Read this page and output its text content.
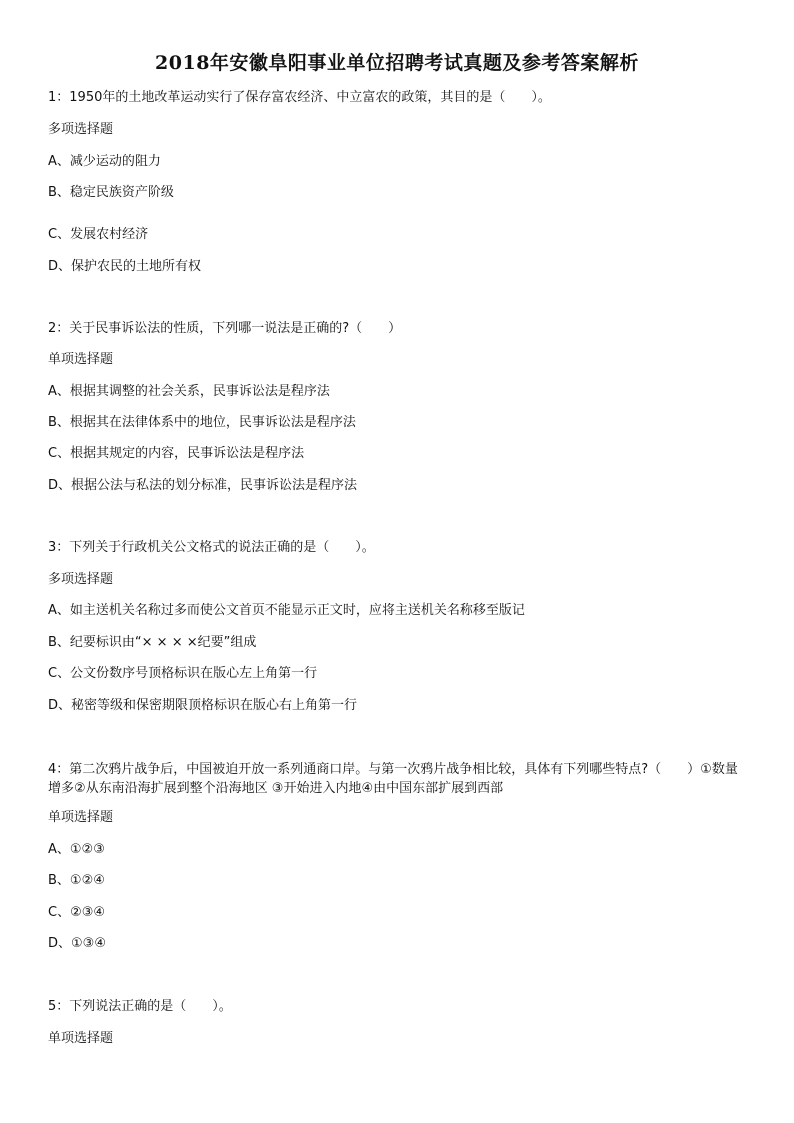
2018年安徽阜阳事业单位招聘考试真题及参考答案解析
1：1950年的土地改革运动实行了保存富农经济、中立富农的政策，其目的是（　　）。
多项选择题
A、减少运动的阻力
B、稳定民族资产阶级
C、发展农村经济
D、保护农民的土地所有权
2：关于民事诉讼法的性质，下列哪一说法是正确的?（　　）
单项选择题
A、根据其调整的社会关系，民事诉讼法是程序法
B、根据其在法律体系中的地位，民事诉讼法是程序法
C、根据其规定的内容，民事诉讼法是程序法
D、根据公法与私法的划分标准，民事诉讼法是程序法
3：下列关于行政机关公文格式的说法正确的是（　　）。
多项选择题
A、如主送机关名称过多而使公文首页不能显示正文时，应将主送机关名称移至版记
B、纪要标识由“× × × ×纪要”组成
C、公文份数序号顶格标识在版心左上角第一行
D、秘密等级和保密期限顶格标识在版心右上角第一行
4：第二次鸦片战争后，中国被迫开放一系列通商口岸。与第一次鸦片战争相比较，具体有下列哪些特点?（　　）①数量增多②从东南沿海扩展到整个沿海地区 ③开始进入内地④由中国东部扩展到西部
单项选择题
A、①②③
B、①②④
C、②③④
D、①③④
5：下列说法正确的是（　　）。
单项选择题
